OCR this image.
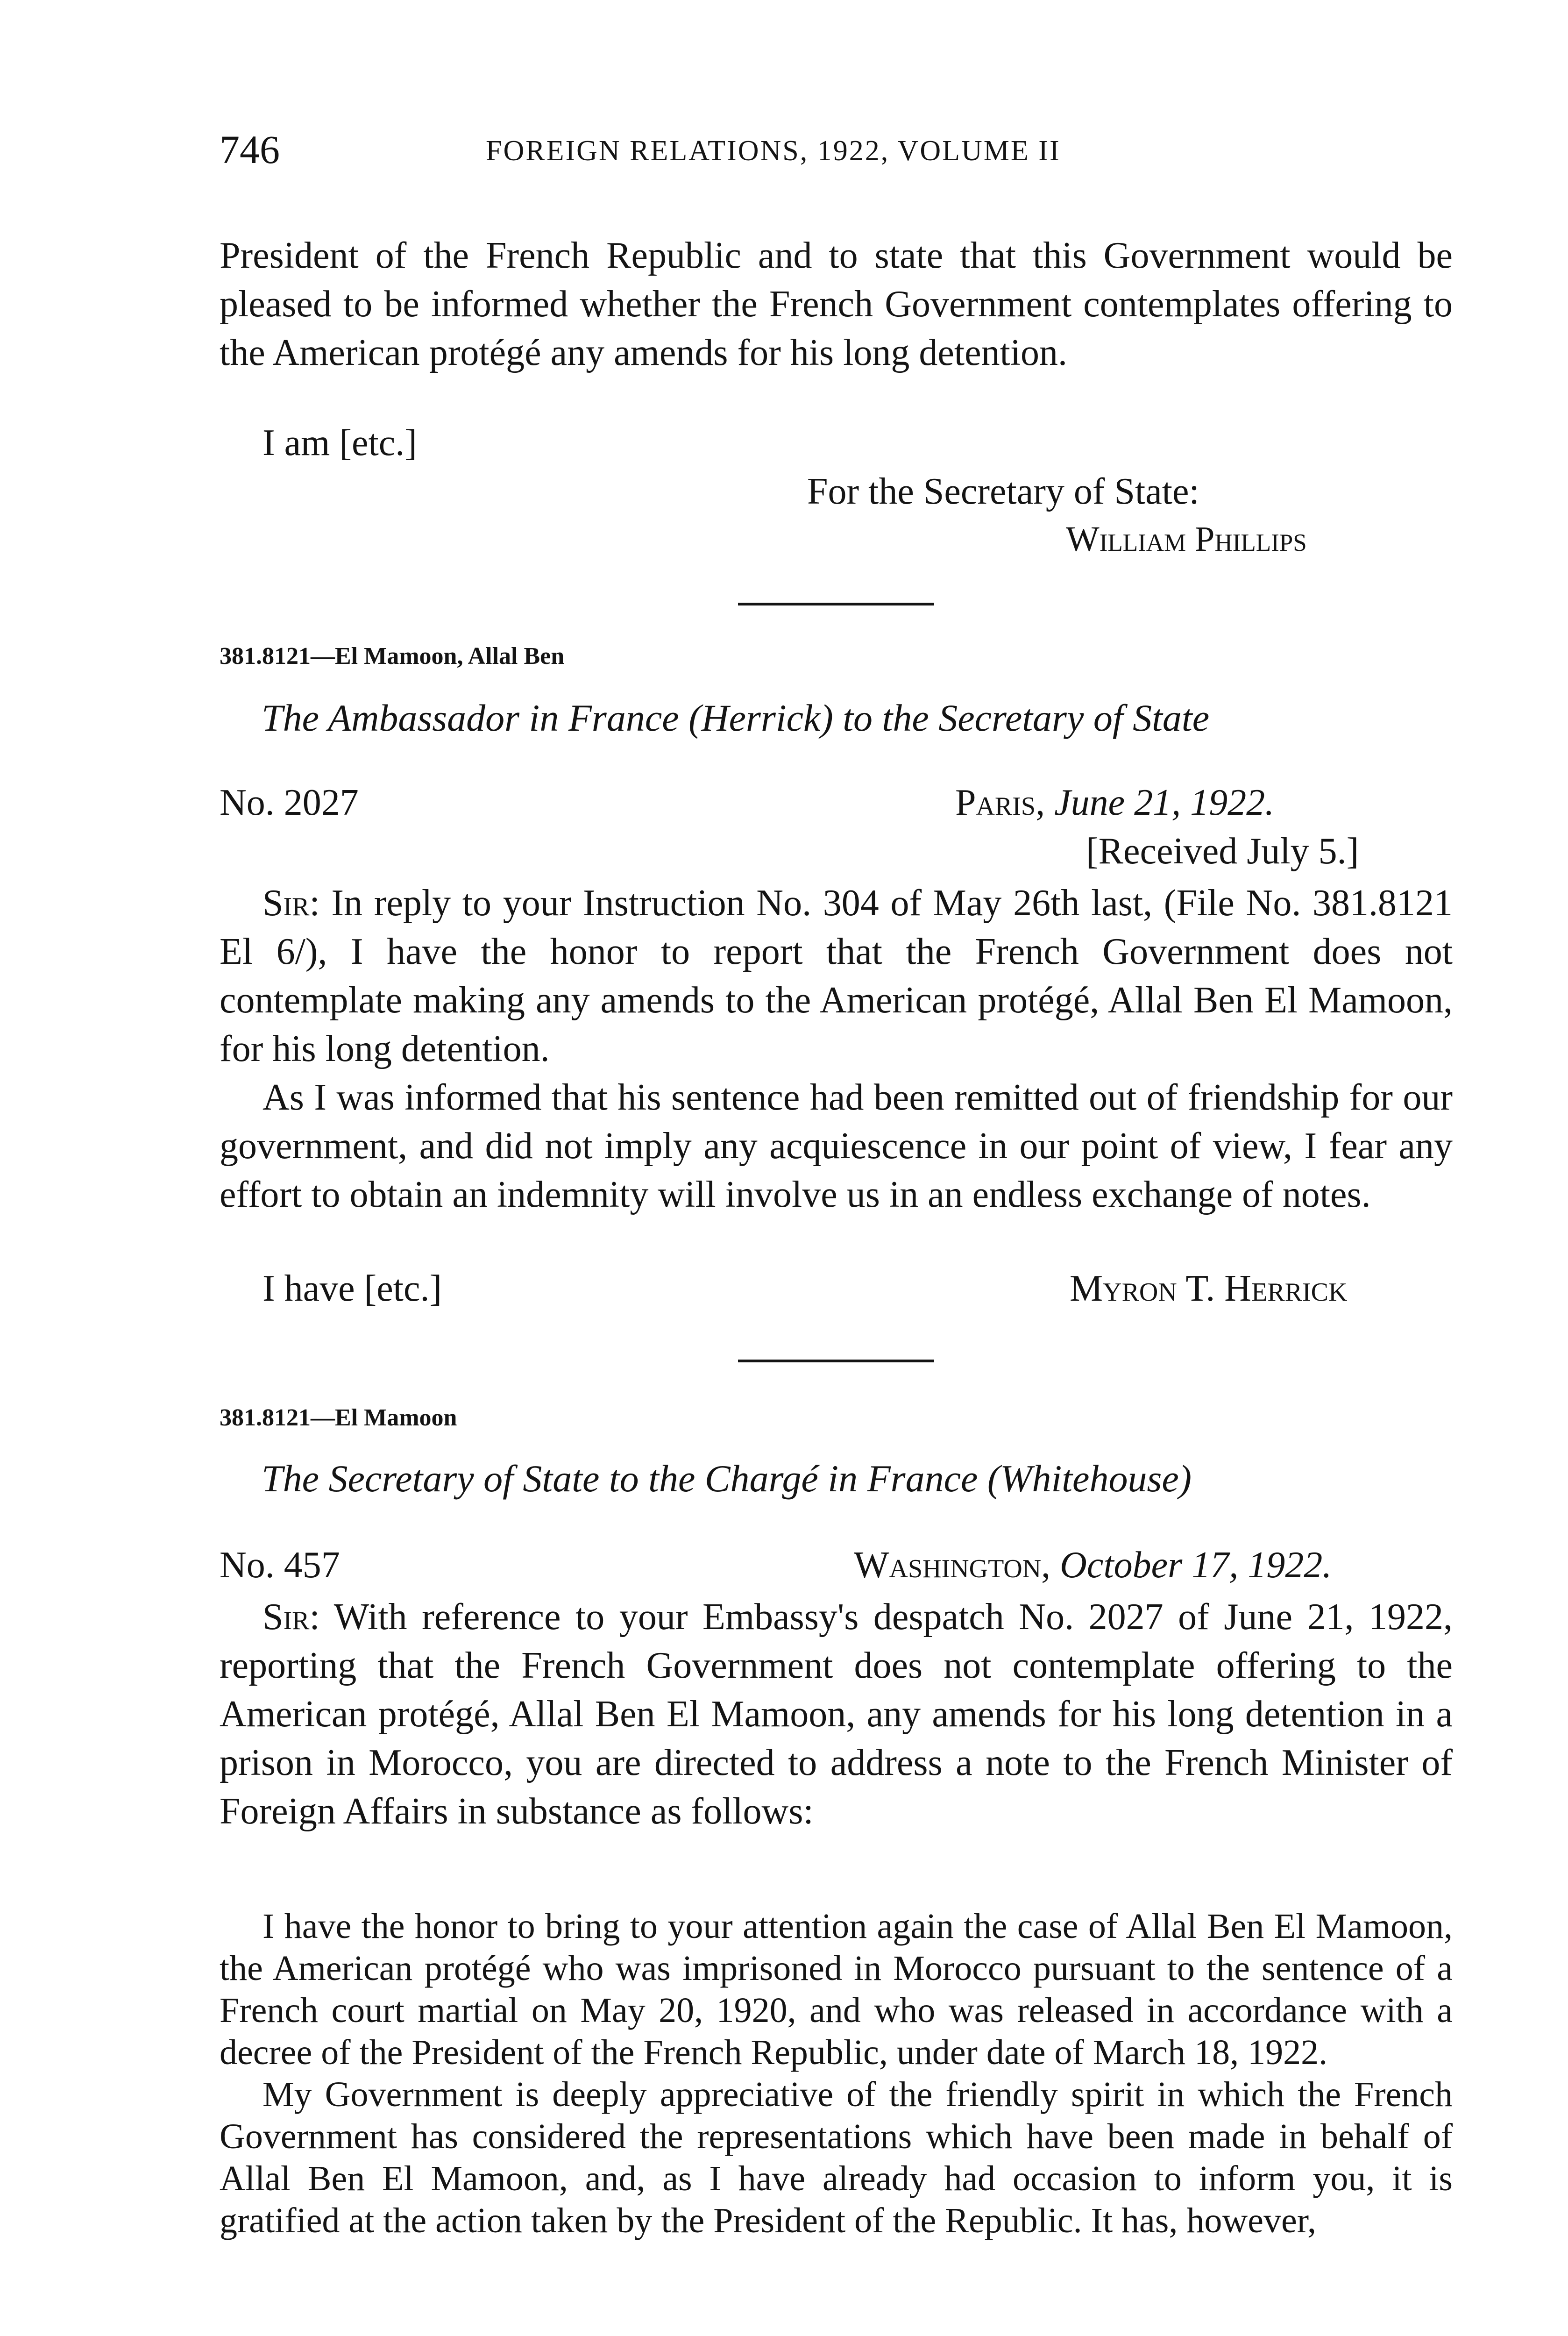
746	FOREIGN RELATIONS, 1922, VOLUME II

President of the French Republic and to state that this Government would be pleased to be informed whether the French Government contemplates offering to the American protégé any amends for his long detention.

I am [etc.]
For the Secretary of State:
William Phillips
381.8121—El Mamoon, Allal Ben
The Ambassador in France (Herrick) to the Secretary of State
No. 2027	Paris, June 21, 1922.
[Received July 5.]

Sir: In reply to your Instruction No. 304 of May 26th last, (File No. 381.8121 El 6/), I have the honor to report that the French Government does not contemplate making any amends to the American protégé, Allal Ben El Mamoon, for his long detention.

As I was informed that his sentence had been remitted out of friendship for our government, and did not imply any acquiescence in our point of view, I fear any effort to obtain an indemnity will involve us in an endless exchange of notes.

I have [etc.]	Myron T. Herrick
381.8121—El Mamoon
The Secretary of State to the Chargé in France (Whitehouse)
No. 457	Washington, October 17, 1922.

Sir: With reference to your Embassy's despatch No. 2027 of June 21, 1922, reporting that the French Government does not contemplate offering to the American protégé, Allal Ben El Mamoon, any amends for his long detention in a prison in Morocco, you are directed to address a note to the French Minister of Foreign Affairs in substance as follows:

I have the honor to bring to your attention again the case of Allal Ben El Mamoon, the American protégé who was imprisoned in Morocco pursuant to the sentence of a French court martial on May 20, 1920, and who was released in accordance with a decree of the President of the French Republic, under date of March 18, 1922.

My Government is deeply appreciative of the friendly spirit in which the French Government has considered the representations which have been made in behalf of Allal Ben El Mamoon, and, as I have already had occasion to inform you, it is gratified at the action taken by the President of the Republic. It has, however,
